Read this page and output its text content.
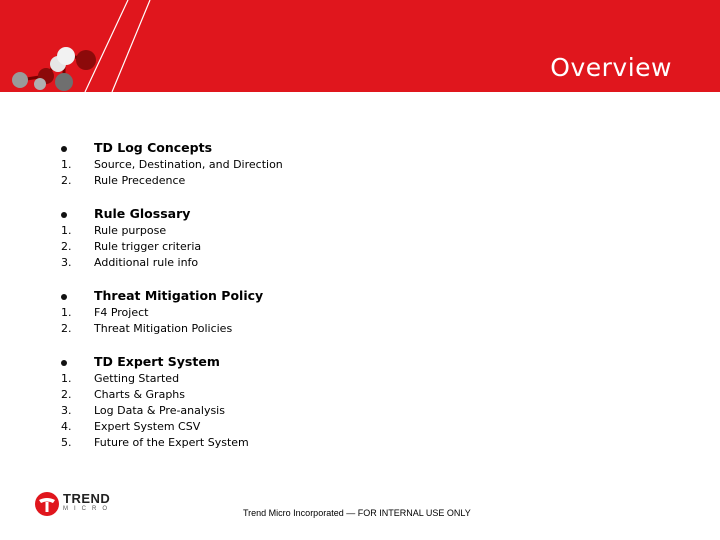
Overview
TD Log Concepts
1. Source, Destination, and Direction
2. Rule Precedence
Rule Glossary
1. Rule purpose
2. Rule trigger criteria
3. Additional rule info
Threat Mitigation Policy
1. F4 Project
2. Threat Mitigation Policies
TD Expert System
1. Getting Started
2. Charts & Graphs
3. Log Data & Pre-analysis
4. Expert System CSV
5. Future of the Expert System
TREND
MICRO	Trend Micro Incorporated — FOR INTERNAL USE ONLY
